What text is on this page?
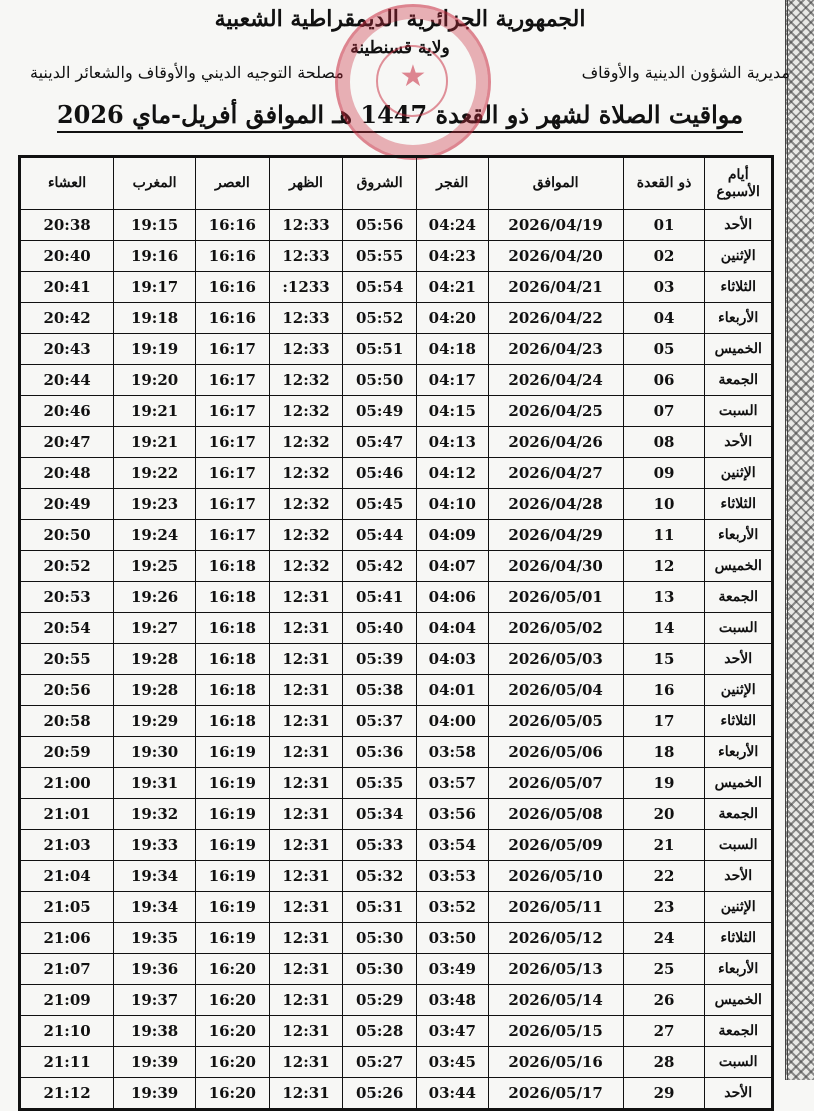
الجمهورية الجزائرية الديمقراطية الشعبية
ولاية قسنطينة
مديرية الشؤون الدينية والأوقاف
مصلحة التوجيه الديني والأوقاف والشعائر الدينية
مواقيت الصلاة لشهر ذو القعدة 1447 هـ الموافق أفريل-ماي 2026
★
أيام الأسبوع	ذو القعدة	الموافق	الفجر	الشروق	الظهر	العصر	المغرب	العشاء
الأحد	01	2026/04/19	04:24	05:56	12:33	16:16	19:15	20:38
الإثنين	02	2026/04/20	04:23	05:55	12:33	16:16	19:16	20:40
الثلاثاء	03	2026/04/21	04:21	05:54	:1233	16:16	19:17	20:41
الأربعاء	04	2026/04/22	04:20	05:52	12:33	16:16	19:18	20:42
الخميس	05	2026/04/23	04:18	05:51	12:33	16:17	19:19	20:43
الجمعة	06	2026/04/24	04:17	05:50	12:32	16:17	19:20	20:44
السبت	07	2026/04/25	04:15	05:49	12:32	16:17	19:21	20:46
الأحد	08	2026/04/26	04:13	05:47	12:32	16:17	19:21	20:47
الإثنين	09	2026/04/27	04:12	05:46	12:32	16:17	19:22	20:48
الثلاثاء	10	2026/04/28	04:10	05:45	12:32	16:17	19:23	20:49
الأربعاء	11	2026/04/29	04:09	05:44	12:32	16:17	19:24	20:50
الخميس	12	2026/04/30	04:07	05:42	12:32	16:18	19:25	20:52
الجمعة	13	2026/05/01	04:06	05:41	12:31	16:18	19:26	20:53
السبت	14	2026/05/02	04:04	05:40	12:31	16:18	19:27	20:54
الأحد	15	2026/05/03	04:03	05:39	12:31	16:18	19:28	20:55
الإثنين	16	2026/05/04	04:01	05:38	12:31	16:18	19:28	20:56
الثلاثاء	17	2026/05/05	04:00	05:37	12:31	16:18	19:29	20:58
الأربعاء	18	2026/05/06	03:58	05:36	12:31	16:19	19:30	20:59
الخميس	19	2026/05/07	03:57	05:35	12:31	16:19	19:31	21:00
الجمعة	20	2026/05/08	03:56	05:34	12:31	16:19	19:32	21:01
السبت	21	2026/05/09	03:54	05:33	12:31	16:19	19:33	21:03
الأحد	22	2026/05/10	03:53	05:32	12:31	16:19	19:34	21:04
الإثنين	23	2026/05/11	03:52	05:31	12:31	16:19	19:34	21:05
الثلاثاء	24	2026/05/12	03:50	05:30	12:31	16:19	19:35	21:06
الأربعاء	25	2026/05/13	03:49	05:30	12:31	16:20	19:36	21:07
الخميس	26	2026/05/14	03:48	05:29	12:31	16:20	19:37	21:09
الجمعة	27	2026/05/15	03:47	05:28	12:31	16:20	19:38	21:10
السبت	28	2026/05/16	03:45	05:27	12:31	16:20	19:39	21:11
الأحد	29	2026/05/17	03:44	05:26	12:31	16:20	19:39	21:12
